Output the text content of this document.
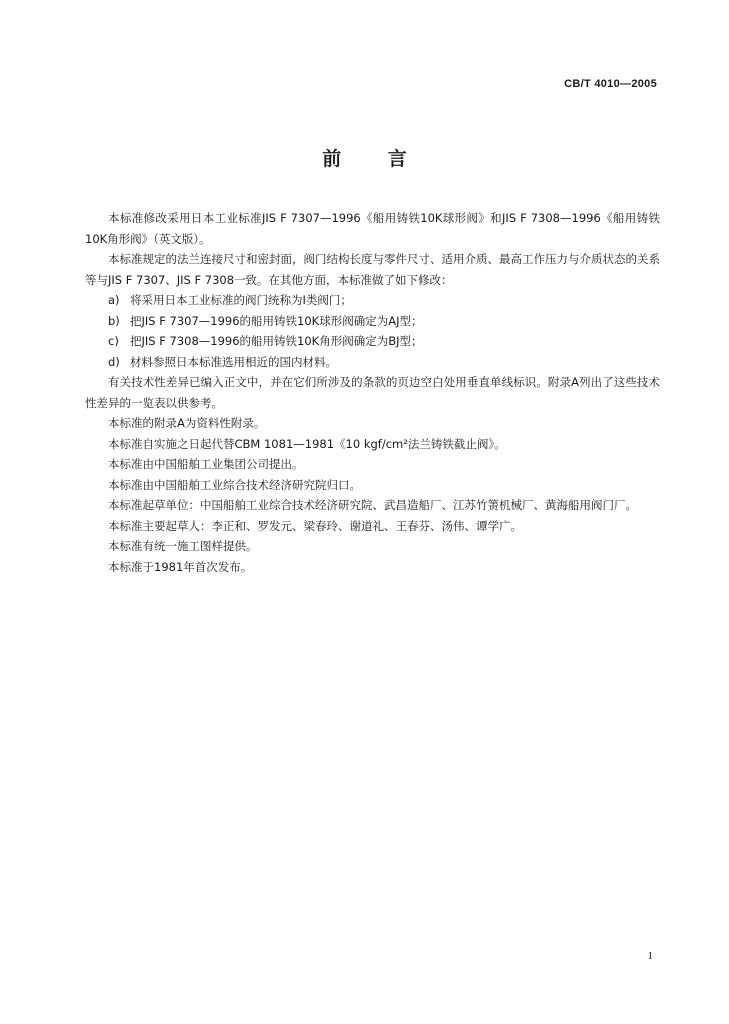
CB/T 4010—2005
前 言

本标准修改采用日本工业标准JIS F 7307—1996《船用铸铁10K球形阀》和JIS F 7308—1996《船用铸铁10K角形阀》（英文版）。

本标准规定的法兰连接尺寸和密封面，阀门结构长度与零件尺寸、适用介质、最高工作压力与介质状态的关系等与JIS F 7307、JIS F 7308一致。在其他方面，本标准做了如下修改：

a) 将采用日本工业标准的阀门统称为Ⅰ类阀门；

b) 把JIS F 7307—1996的船用铸铁10K球形阀确定为AJ型；

c) 把JIS F 7308—1996的船用铸铁10K角形阀确定为BJ型；

d) 材料参照日本标准选用相近的国内材料。

有关技术性差异已编入正文中，并在它们所涉及的条款的页边空白处用垂直单线标识。附录A列出了这些技术性差异的一览表以供参考。

本标准的附录A为资料性附录。

本标准自实施之日起代替CBM 1081—1981《10 kgf/cm²法兰铸铁截止阀》。

本标准由中国船舶工业集团公司提出。

本标准由中国船舶工业综合技术经济研究院归口。

本标准起草单位：中国船舶工业综合技术经济研究院、武昌造船厂、江苏竹箦机械厂、黄海船用阀门厂。

本标准主要起草人：李正和、罗发元、梁春玲、谢道礼、王春芬、汤伟、谭学广。

本标准有统一施工图样提供。

本标准于1981年首次发布。

1
